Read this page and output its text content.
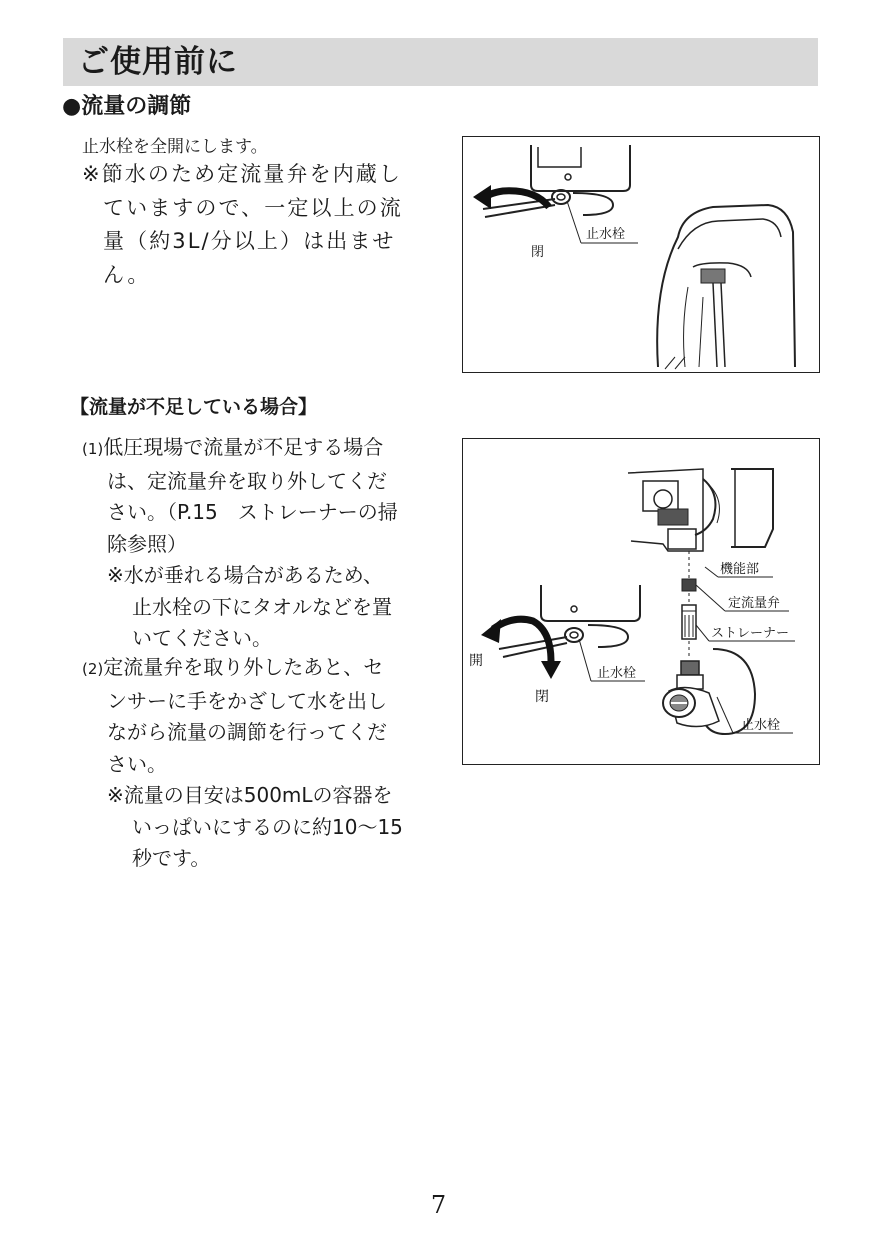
ご使用前に
●流量の調節
止水栓を全開にします。
※節水のため定流量弁を内蔵し
ていますので、一定以上の流
量（約3L/分以上）は出ませ
ん。
止水栓
閉
【流量が不足している場合】
(1)低圧現場で流量が不足する場合
は、定流量弁を取り外してくだ
さい。（P.15　ストレーナーの掃
除参照）
※水が垂れる場合があるため、
止水栓の下にタオルなどを置
いてください。
(2)定流量弁を取り外したあと、セ
ンサーに手をかざして水を出し
ながら流量の調節を行ってくだ
さい。
※流量の目安は500mLの容器を
いっぱいにするのに約10〜15
秒です。
機能部
定流量弁
ストレーナー
止水栓
開
閉
止水栓
7
